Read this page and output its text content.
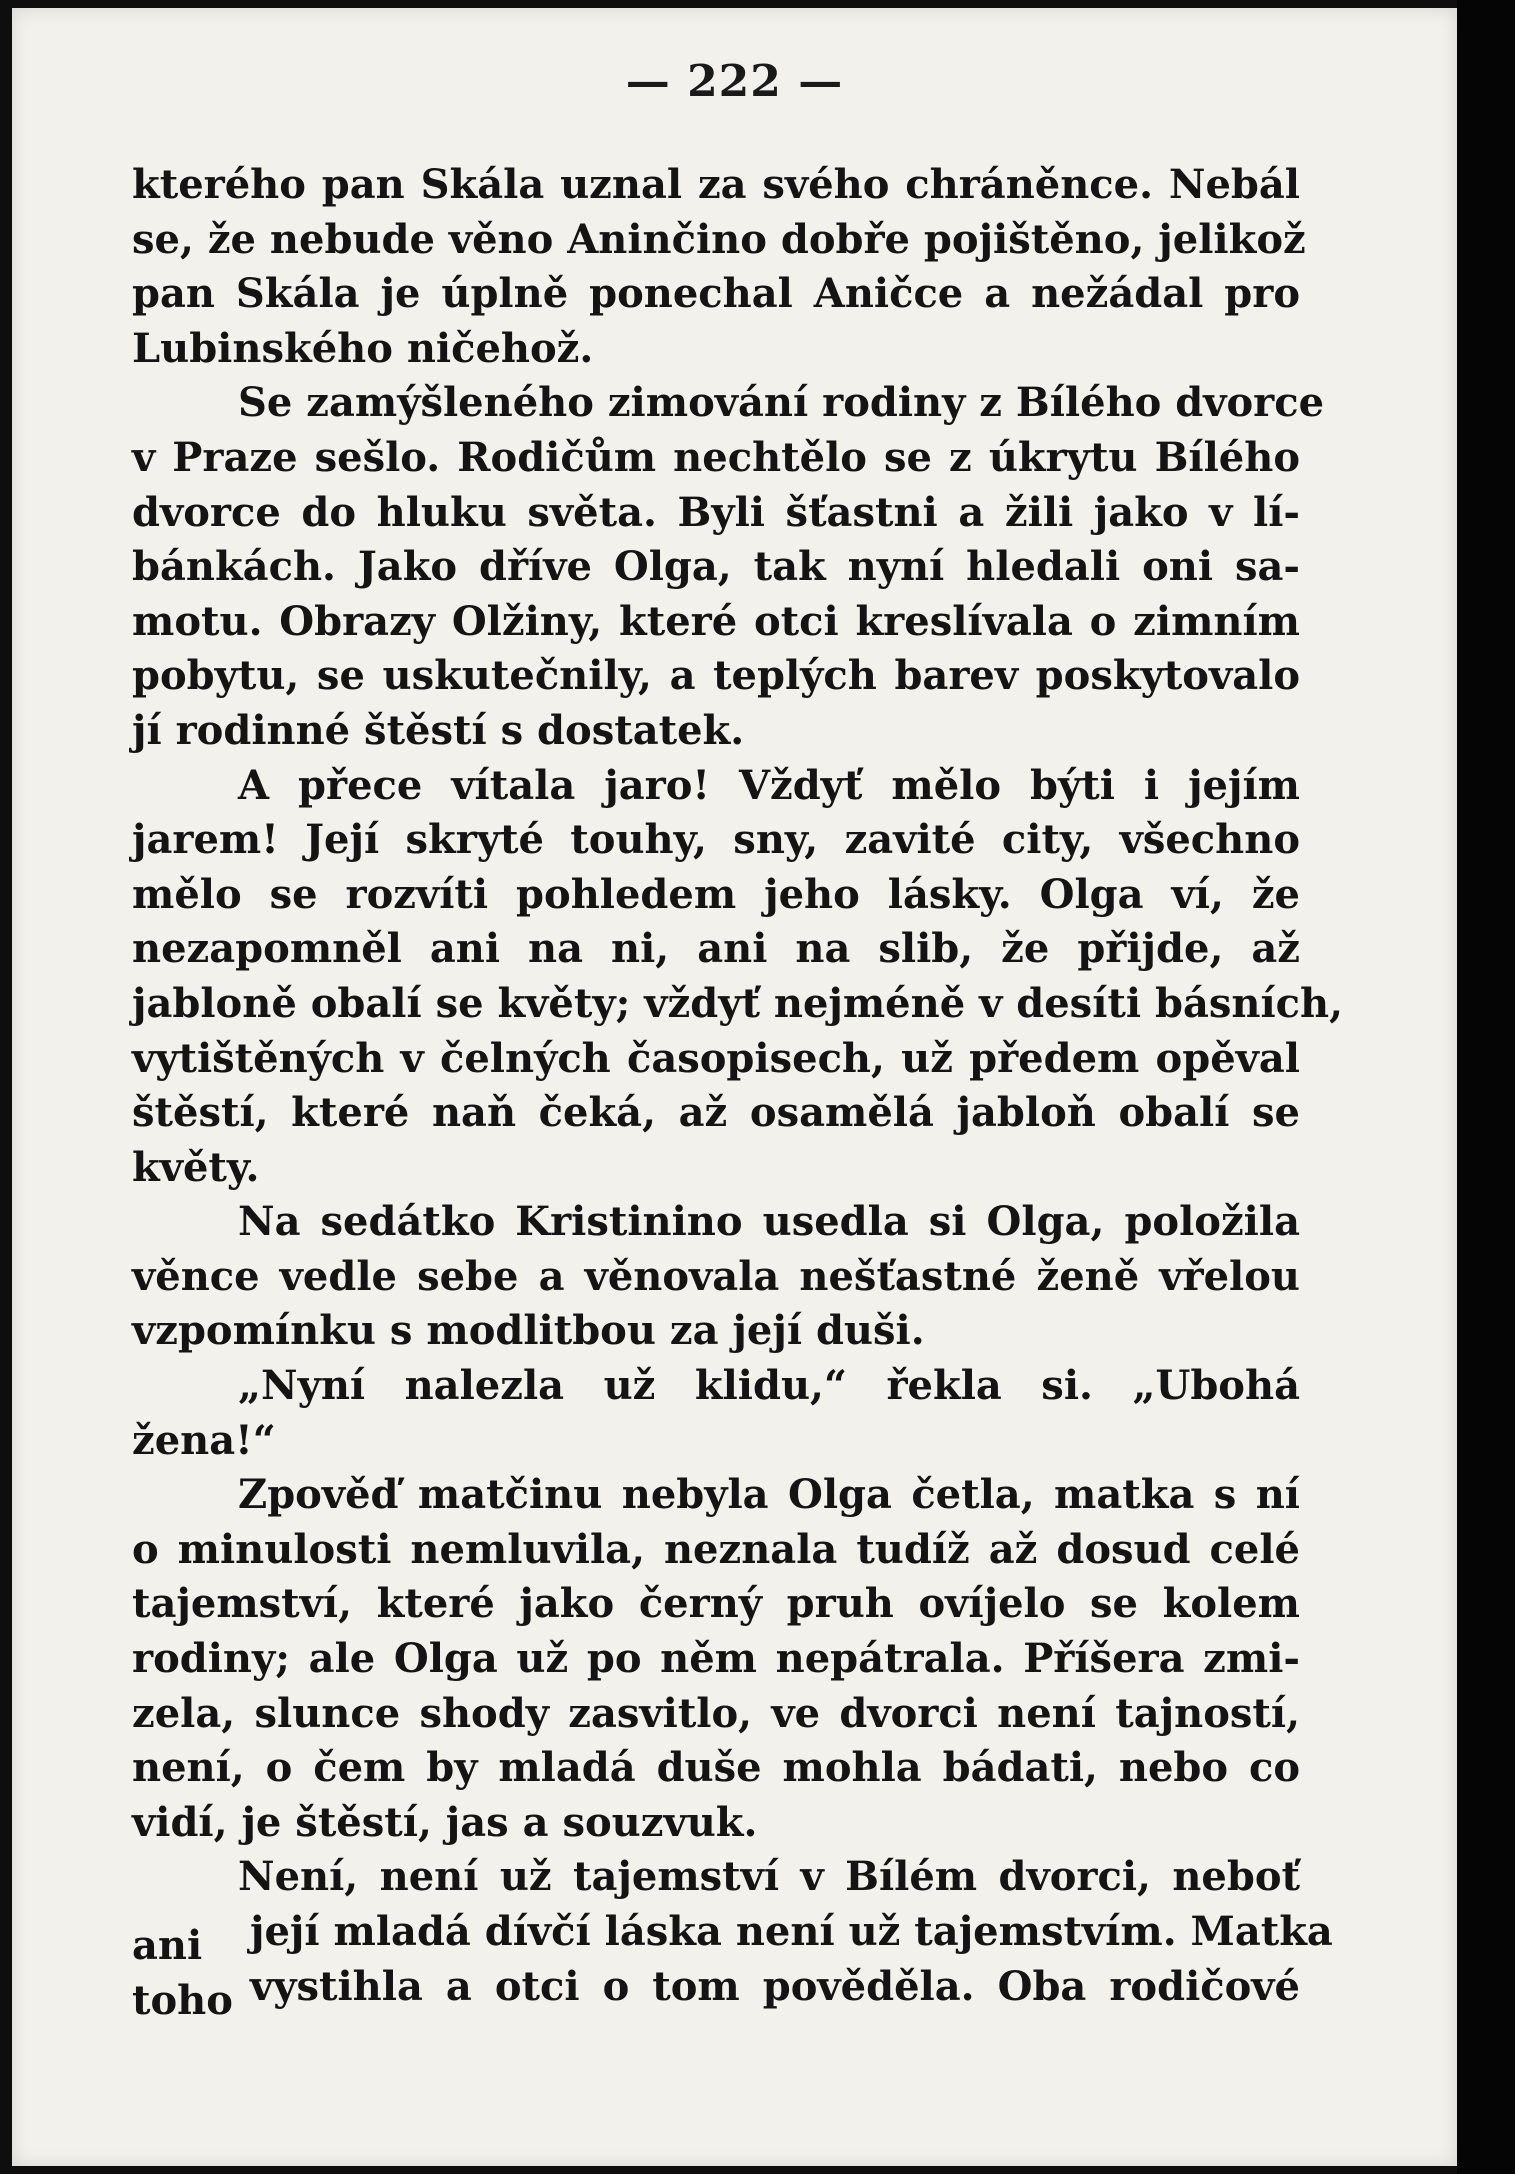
— 222 —
kterého pan Skála uznal za svého chráněnce. Nebál
se, že nebude věno Aninčino dobře pojištěno, jelikož
pan Skála je úplně ponechal Aničce a nežádal pro
Lubinského ničehož.
Se zamýšleného zimování rodiny z Bílého dvorce
v Praze sešlo. Rodičům nechtělo se z úkrytu Bílého
dvorce do hluku světa. Byli šťastni a žili jako v lí-
bánkách. Jako dříve Olga, tak nyní hledali oni sa-
motu. Obrazy Olžiny, které otci kreslívala o zimním
pobytu, se uskutečnily, a teplých barev poskytovalo
jí rodinné štěstí s dostatek.
A přece vítala jaro! Vždyť mělo býti i jejím
jarem! Její skryté touhy, sny, zavité city, všechno
mělo se rozvíti pohledem jeho lásky. Olga ví, že
nezapomněl ani na ni, ani na slib, že přijde, až
jabloně obalí se květy; vždyť nejméně v desíti básních,
vytištěných v čelných časopisech, už předem opěval
štěstí, které naň čeká, až osamělá jabloň obalí se
květy.
Na sedátko Kristinino usedla si Olga, položila
věnce vedle sebe a věnovala nešťastné ženě vřelou
vzpomínku s modlitbou za její duši.
„Nyní nalezla už klidu,“ řekla si. „Ubohá
žena!“
Zpověď matčinu nebyla Olga četla, matka s ní
o minulosti nemluvila, neznala tudíž až dosud celé
tajemství, které jako černý pruh ovíjelo se kolem
rodiny; ale Olga už po něm nepátrala. Příšera zmi-
zela, slunce shody zasvitlo, ve dvorci není tajností,
není, o čem by mladá duše mohla bádati, nebo co
vidí, je štěstí, jas a souzvuk.
Není, není už tajemství v Bílém dvorci, neboť
ani	její mladá dívčí láska není už tajemstvím. Matka
toho vystihla a otci o tom pověděla. Oba rodičové
